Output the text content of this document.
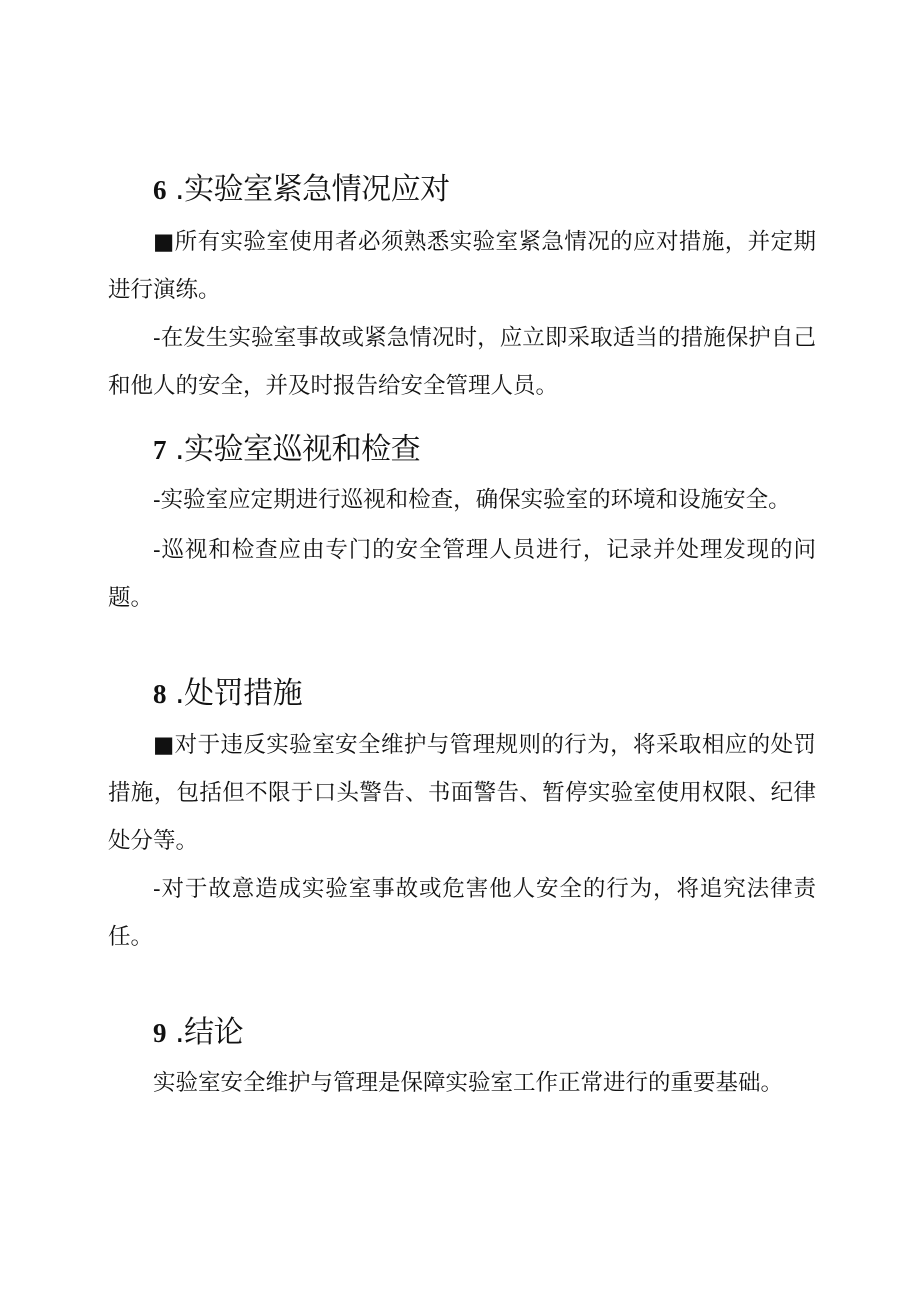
6 .实验室紧急情况应对

■所有实验室使用者必须熟悉实验室紧急情况的应对措施，并定期进行演练。

-在发生实验室事故或紧急情况时，应立即采取适当的措施保护自己和他人的安全，并及时报告给安全管理人员。

7 .实验室巡视和检查

-实验室应定期进行巡视和检查，确保实验室的环境和设施安全。

-巡视和检查应由专门的安全管理人员进行，记录并处理发现的问题。

8 .处罚措施

■对于违反实验室安全维护与管理规则的行为，将采取相应的处罚措施，包括但不限于口头警告、书面警告、暂停实验室使用权限、纪律处分等。

-对于故意造成实验室事故或危害他人安全的行为，将追究法律责任。

9 .结论

实验室安全维护与管理是保障实验室工作正常进行的重要基础。
